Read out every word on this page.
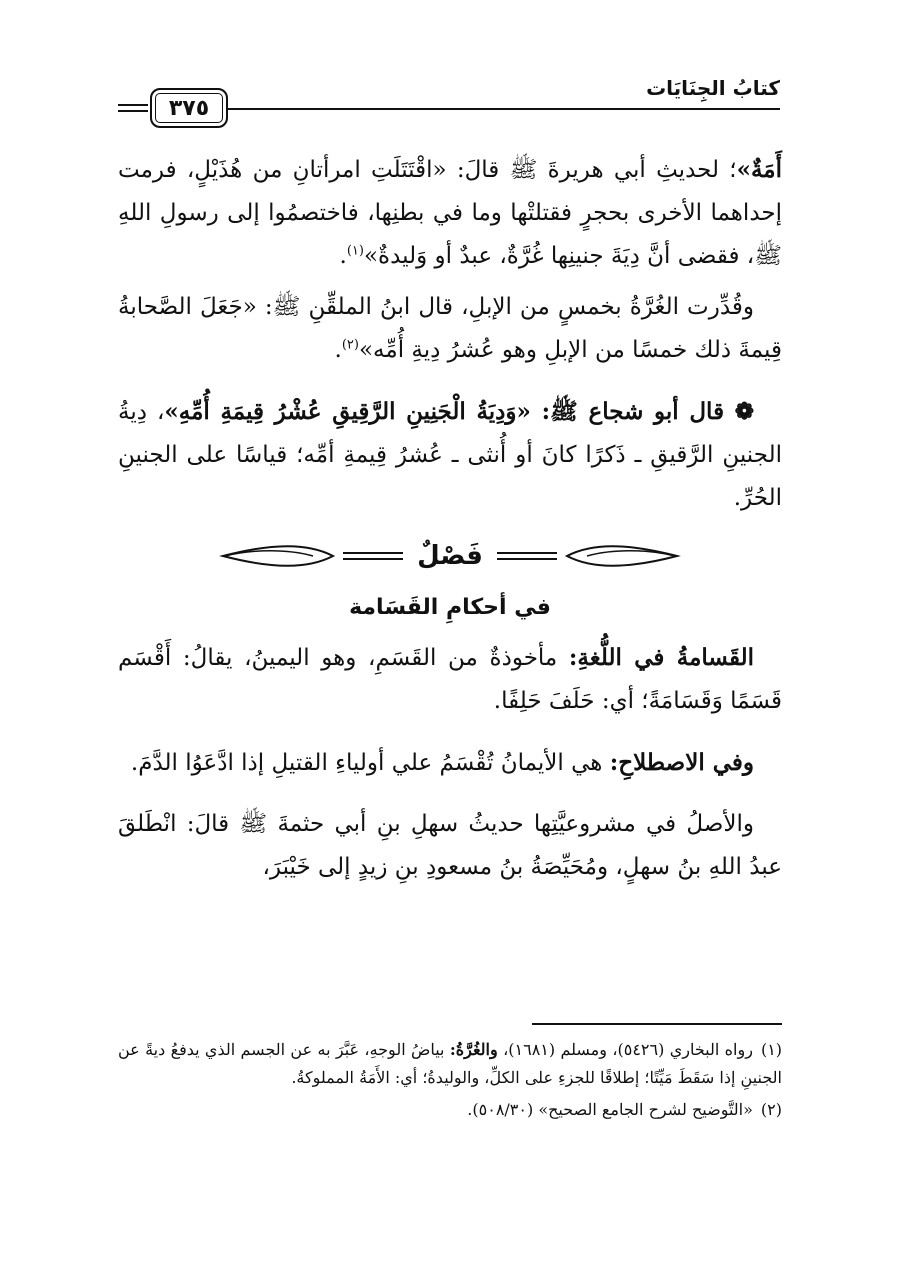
كتابُ الجِنَايَات
٣٧٥

أَمَةٌ»؛ لحديثِ أبي هريرةَ ﷺ قالَ: «اقْتَتَلَتِ امرأتانِ من هُذَيْلٍ، فرمت إحداهما الأخرى بحجرٍ فقتلتْها وما في بطنِها، فاختصمُوا إلى رسولِ اللهِ ﷺ، فقضى أنَّ دِيَةَ جنينِها غُرَّةٌ، عبدٌ أو وَليدةٌ»$^{(١)}$.

وقُدِّرت الغُرَّةُ بخمسٍ من الإبلِ، قال ابنُ الملقِّنِ ﷺ: «جَعَلَ الصَّحابةُ قِيمةَ ذلك خمسًا من الإبلِ وهو عُشرُ دِيةِ أُمِّه»$^{(٢)}$.

❁ قال أبو شجاع ﷺ: «وَدِيَةُ الْجَنِينِ الرَّقِيقِ عُشْرُ قِيمَةِ أُمِّهِ»، دِيةُ الجنينِ الرَّقيقِ ـ ذَكرًا كانَ أو أُنثى ـ عُشرُ قِيمةِ أمِّه؛ قياسًا على الجنينِ الحُرِّ.

فَصْلٌ
في أحكامِ القَسَامة

القَسامةُ في اللُّغةِ: مأخوذةٌ من القَسَمِ، وهو اليمينُ، يقالُ: أَقْسَم قَسَمًا وَقَسَامَةً؛ أي: حَلَفَ حَلِفًا.

وفي الاصطلاحِ: هي الأيمانُ تُقْسَمُ علي أولياءِ القتيلِ إذا ادَّعَوُا الدَّمَ.

والأصلُ في مشروعيَّتِها حديثُ سهلِ بنِ أبي حثمةَ ﷺ قالَ: انْطَلقَ عبدُ اللهِ بنُ سهلٍ، ومُحَيِّصَةُ بنُ مسعودِ بنِ زيدٍ إلى خَيْبَرَ،

(١)رواه البخاري (٥٤٢٦)، ومسلم (١٦٨١)، والغُرَّةُ: بياضُ الوجهِ، عَبَّرَ به عن الجسم الذي يدفعُ ديةً عن الجنينِ إذا سَقَطَ مَيِّتًا؛ إطلاقًا للجزءِ على الكلِّ، والوليدةُ؛ أي: الأَمَةُ المملوكةُ.

(٢)«التَّوضيح لشرح الجامع الصحيح» (٥٠٨/٣٠).
